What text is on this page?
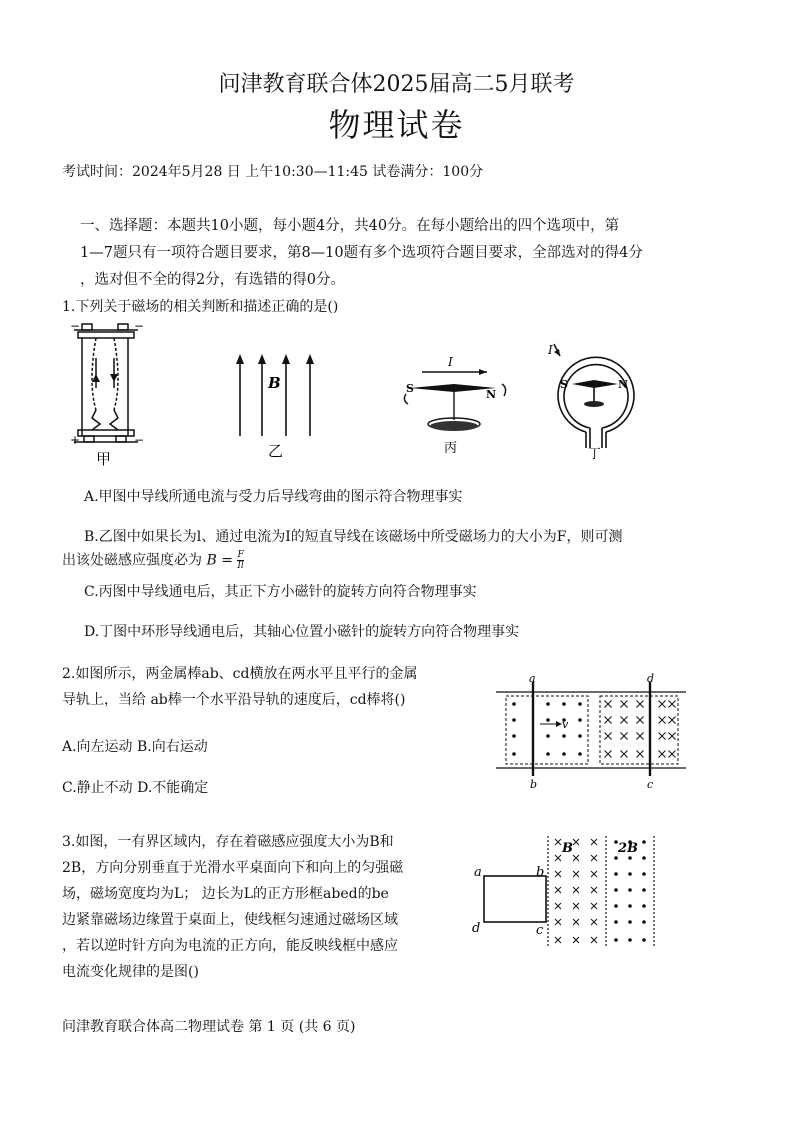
问津教育联合体2025届高二5月联考
物理试卷
考试时间：2024年5月28 日 上午10:30—11:45 试卷满分：100分
一、选择题：本题共10小题，每小题4分，共40分。在每小题给出的四个选项中，第
1—7题只有一项符合题目要求，第8—10题有多个选项符合题目要求，全部选对的得4分
，选对但不全的得2分，有选错的得0分。
1.下列关于磁场的相关判断和描述正确的是()
−	−
+	−
甲
B
乙
I
S	N
丙
I
S	N
丁
A.甲图中导线所通电流与受力后导线弯曲的图示符合物理事实
B.乙图中如果长为l、通过电流为I的短直导线在该磁场中所受磁场力的大小为F，则可测
出该处磁感应强度必为 $B = \frac{F}{Il}$
C.丙图中导线通电后，其正下方小磁针的旋转方向符合物理事实
D.丁图中环形导线通电后，其轴心位置小磁针的旋转方向符合物理事实
2.如图所示，两金属棒ab、cd横放在两水平且平行的金属
导轨上，当给 ab棒一个水平沿导轨的速度后，cd棒将()
A.向左运动 B.向右运动
C.静止不动 D.不能确定
a
b
d
c
v
3.如图，一有界区域内，存在着磁感应强度大小为B和
2B，方向分别垂直于光滑水平桌面向下和向上的匀强磁
场，磁场宽度均为L； 边长为L的正方形框abed的be
边紧靠磁场边缘置于桌面上，使线框匀速通过磁场区域
，若以逆时针方向为电流的正方向，能反映线框中感应
电流变化规律的是图()
a	b
c
d
B	2B
问津教育联合体高二物理试卷 第 1 页 (共 6 页)
